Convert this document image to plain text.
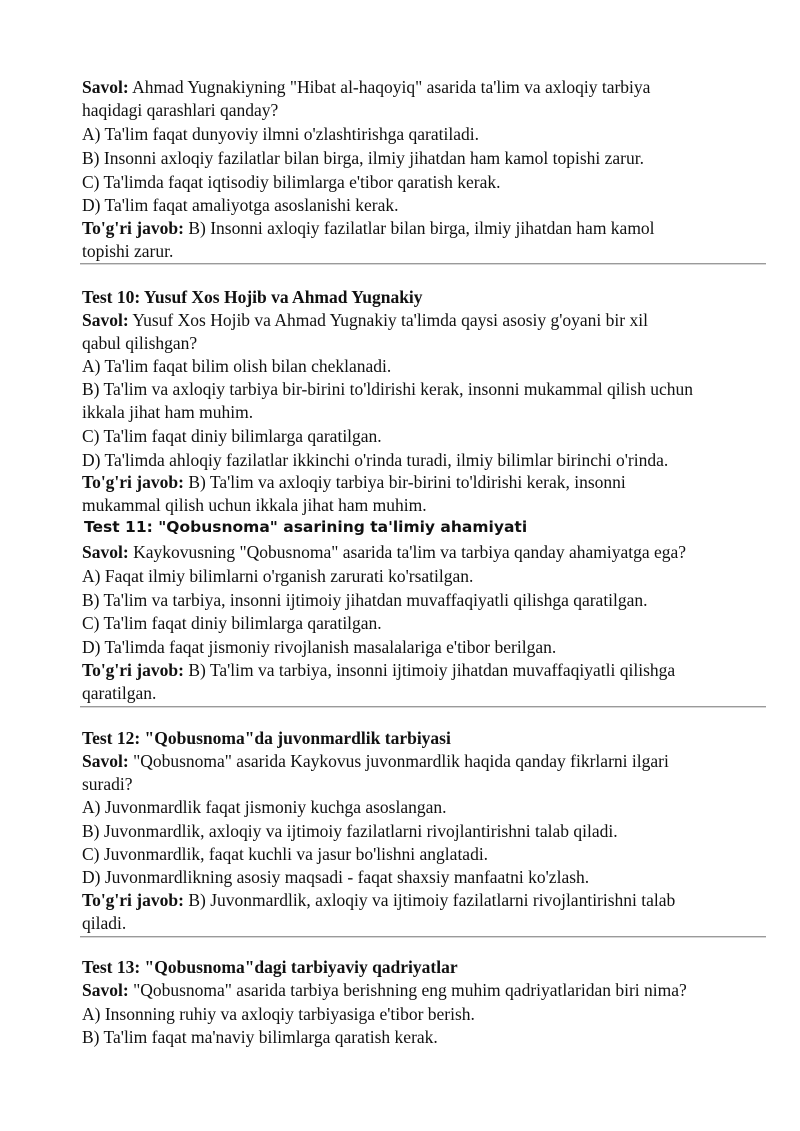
Savol: Ahmad Yugnakiyning "Hibat al-haqoyiq" asarida ta'lim va axloqiy tarbiya
haqidagi qarashlari qanday?
A) Ta'lim faqat dunyoviy ilmni o'zlashtirishga qaratiladi.
B) Insonni axloqiy fazilatlar bilan birga, ilmiy jihatdan ham kamol topishi zarur.
C) Ta'limda faqat iqtisodiy bilimlarga e'tibor qaratish kerak.
D) Ta'lim faqat amaliyotga asoslanishi kerak.
To'g'ri javob: B) Insonni axloqiy fazilatlar bilan birga, ilmiy jihatdan ham kamol
topishi zarur.
Test 10: Yusuf Xos Hojib va Ahmad Yugnakiy
Savol: Yusuf Xos Hojib va Ahmad Yugnakiy ta'limda qaysi asosiy g'oyani bir xil
qabul qilishgan?
A) Ta'lim faqat bilim olish bilan cheklanadi.
B) Ta'lim va axloqiy tarbiya bir-birini to'ldirishi kerak, insonni mukammal qilish uchun
ikkala jihat ham muhim.
C) Ta'lim faqat diniy bilimlarga qaratilgan.
D) Ta'limda ahloqiy fazilatlar ikkinchi o'rinda turadi, ilmiy bilimlar birinchi o'rinda.
To'g'ri javob: B) Ta'lim va axloqiy tarbiya bir-birini to'ldirishi kerak, insonni
mukammal qilish uchun ikkala jihat ham muhim.
Test 11: "Qobusnoma" asarining ta'limiy ahamiyati
Savol: Kaykovusning "Qobusnoma" asarida ta'lim va tarbiya qanday ahamiyatga ega?
A) Faqat ilmiy bilimlarni o'rganish zarurati ko'rsatilgan.
B) Ta'lim va tarbiya, insonni ijtimoiy jihatdan muvaffaqiyatli qilishga qaratilgan.
C) Ta'lim faqat diniy bilimlarga qaratilgan.
D) Ta'limda faqat jismoniy rivojlanish masalalariga e'tibor berilgan.
To'g'ri javob: B) Ta'lim va tarbiya, insonni ijtimoiy jihatdan muvaffaqiyatli qilishga
qaratilgan.
Test 12: "Qobusnoma"da juvonmardlik tarbiyasi
Savol: "Qobusnoma" asarida Kaykovus juvonmardlik haqida qanday fikrlarni ilgari
suradi?
A) Juvonmardlik faqat jismoniy kuchga asoslangan.
B) Juvonmardlik, axloqiy va ijtimoiy fazilatlarni rivojlantirishni talab qiladi.
C) Juvonmardlik, faqat kuchli va jasur bo'lishni anglatadi.
D) Juvonmardlikning asosiy maqsadi - faqat shaxsiy manfaatni ko'zlash.
To'g'ri javob: B) Juvonmardlik, axloqiy va ijtimoiy fazilatlarni rivojlantirishni talab
qiladi.
Test 13: "Qobusnoma"dagi tarbiyaviy qadriyatlar
Savol: "Qobusnoma" asarida tarbiya berishning eng muhim qadriyatlaridan biri nima?
A) Insonning ruhiy va axloqiy tarbiyasiga e'tibor berish.
B) Ta'lim faqat ma'naviy bilimlarga qaratish kerak.
